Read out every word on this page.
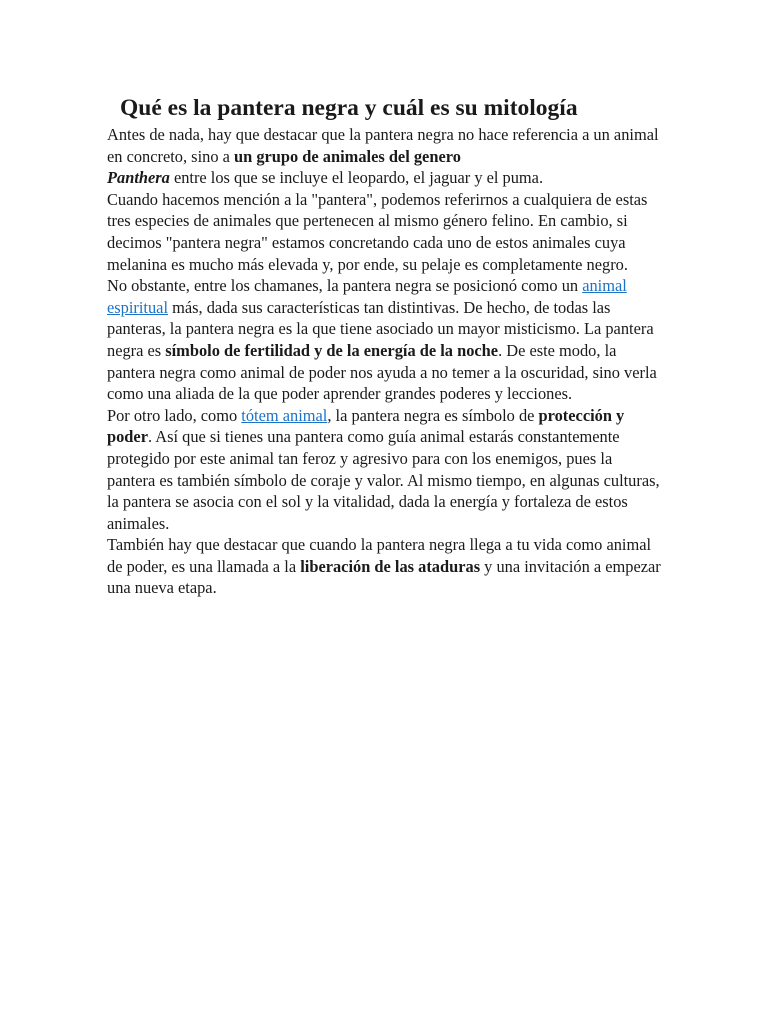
Qué es la pantera negra y cuál es su mitología

Antes de nada, hay que destacar que la pantera negra no hace referencia a un animal en concreto, sino a un grupo de animales del genero
Panthera entre los que se incluye el leopardo, el jaguar y el puma.

Cuando hacemos mención a la "pantera", podemos referirnos a cualquiera de estas tres especies de animales que pertenecen al mismo género felino. En cambio, si decimos "pantera negra" estamos concretando cada uno de estos animales cuya melanina es mucho más elevada y, por ende, su pelaje es completamente negro.

No obstante, entre los chamanes, la pantera negra se posicionó como un animal espiritual más, dada sus características tan distintivas. De hecho, de todas las panteras, la pantera negra es la que tiene asociado un mayor misticismo. La pantera negra es símbolo de fertilidad y de la energía de la noche. De este modo, la pantera negra como animal de poder nos ayuda a no temer a la oscuridad, sino verla como una aliada de la que poder aprender grandes poderes y lecciones.

Por otro lado, como tótem animal, la pantera negra es símbolo de protección y poder. Así que si tienes una pantera como guía animal estarás constantemente protegido por este animal tan feroz y agresivo para con los enemigos, pues la pantera es también símbolo de coraje y valor. Al mismo tiempo, en algunas culturas, la pantera se asocia con el sol y la vitalidad, dada la energía y fortaleza de estos animales.

También hay que destacar que cuando la pantera negra llega a tu vida como animal de poder, es una llamada a la liberación de las ataduras y una invitación a empezar una nueva etapa.
